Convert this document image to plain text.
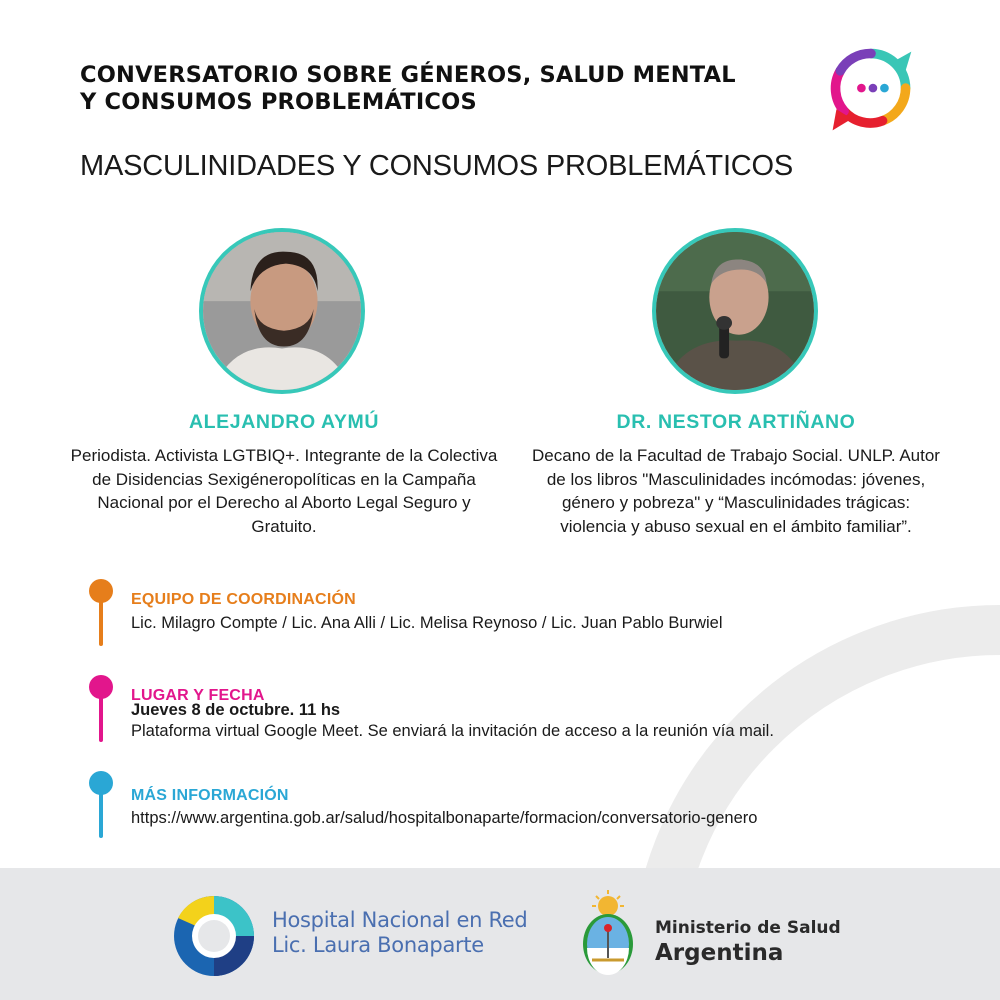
CONVERSATORIO SOBRE GÉNEROS, SALUD MENTAL Y CONSUMOS PROBLEMÁTICOS
MASCULINIDADES Y CONSUMOS PROBLEMÁTICOS
ALEJANDRO AYMÚ
Periodista. Activista LGTBIQ+. Integrante de la Colectiva de Disidencias Sexigéneropolíticas en la Campaña Nacional por el Derecho al Aborto Legal Seguro y Gratuito.
DR. NESTOR ARTIÑANO
Decano de la Facultad de Trabajo Social. UNLP. Autor de los libros "Masculinidades incómodas: jóvenes, género y pobreza" y “Masculinidades trágicas: violencia y abuso sexual en el ámbito familiar”.
EQUIPO DE COORDINACIÓN
Lic. Milagro Compte / Lic. Ana Alli / Lic. Melisa Reynoso / Lic. Juan Pablo Burwiel
LUGAR Y FECHA
Jueves 8 de octubre. 11 hs
Plataforma virtual Google Meet. Se enviará la invitación de acceso a la reunión vía mail.
MÁS INFORMACIÓN
https://www.argentina.gob.ar/salud/hospitalbonaparte/formacion/conversatorio-genero
Hospital Nacional en Red
Lic. Laura Bonaparte
Ministerio de Salud
Argentina
